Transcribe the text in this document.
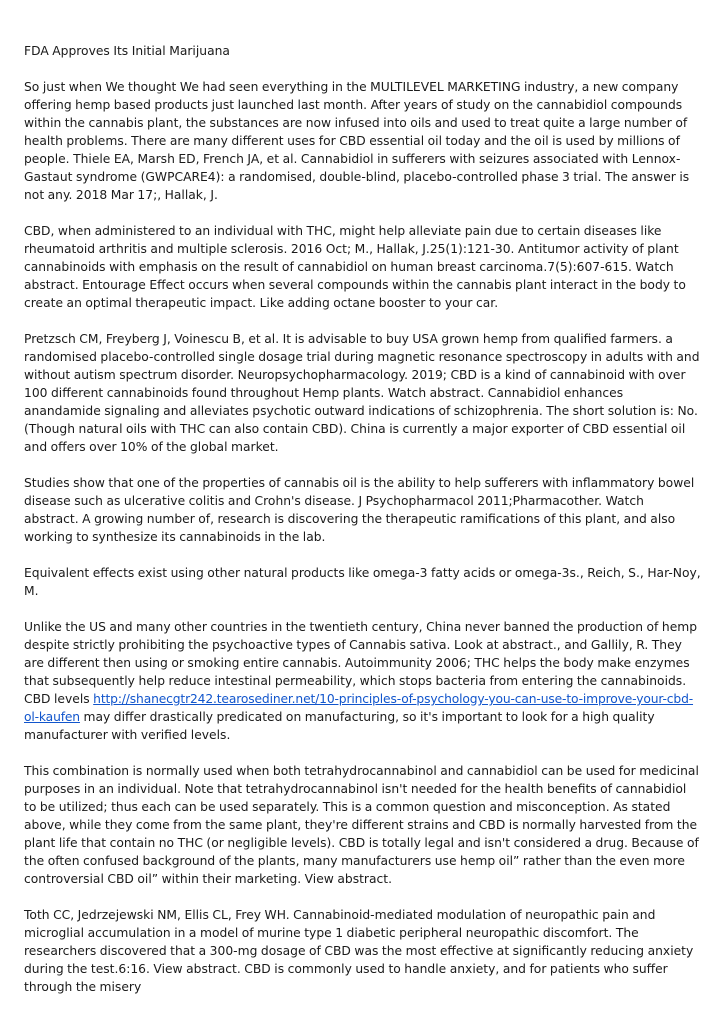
FDA Approves Its Initial Marijuana

So just when We thought We had seen everything in the MULTILEVEL MARKETING industry, a new company offering hemp based products just launched last month. After years of study on the cannabidiol compounds within the cannabis plant, the substances are now infused into oils and used to treat quite a large number of health problems. There are many different uses for CBD essential oil today and the oil is used by millions of people. Thiele EA, Marsh ED, French JA, et al. Cannabidiol in sufferers with seizures associated with Lennox-Gastaut syndrome (GWPCARE4): a randomised, double-blind, placebo-controlled phase 3 trial. The answer is not any. 2018 Mar 17;, Hallak, J.

CBD, when administered to an individual with THC, might help alleviate pain due to certain diseases like rheumatoid arthritis and multiple sclerosis. 2016 Oct; M., Hallak, J.25(1):121-30. Antitumor activity of plant cannabinoids with emphasis on the result of cannabidiol on human breast carcinoma.7(5):607-615. Watch abstract. Entourage Effect occurs when several compounds within the cannabis plant interact in the body to create an optimal therapeutic impact. Like adding octane booster to your car.

Pretzsch CM, Freyberg J, Voinescu B, et al. It is advisable to buy USA grown hemp from qualified farmers. a randomised placebo-controlled single dosage trial during magnetic resonance spectroscopy in adults with and without autism spectrum disorder. Neuropsychopharmacology. 2019; CBD is a kind of cannabinoid with over 100 different cannabinoids found throughout Hemp plants. Watch abstract. Cannabidiol enhances anandamide signaling and alleviates psychotic outward indications of schizophrenia. The short solution is: No. (Though natural oils with THC can also contain CBD). China is currently a major exporter of CBD essential oil and offers over 10% of the global market.

Studies show that one of the properties of cannabis oil is the ability to help sufferers with inflammatory bowel disease such as ulcerative colitis and Crohn's disease. J Psychopharmacol 2011;Pharmacother. Watch abstract. A growing number of, research is discovering the therapeutic ramifications of this plant, and also working to synthesize its cannabinoids in the lab.

Equivalent effects exist using other natural products like omega-3 fatty acids or omega-3s., Reich, S., Har-Noy, M.

Unlike the US and many other countries in the twentieth century, China never banned the production of hemp despite strictly prohibiting the psychoactive types of Cannabis sativa. Look at abstract., and Gallily, R. They are different then using or smoking entire cannabis. Autoimmunity 2006; THC helps the body make enzymes that subsequently help reduce intestinal permeability, which stops bacteria from entering the cannabinoids. CBD levels http://shanecgtr242.tearosediner.net/10-principles-of-psychology-you-can-use-to-improve-your-cbd-ol-kaufen may differ drastically predicated on manufacturing, so it's important to look for a high quality manufacturer with verified levels.

This combination is normally used when both tetrahydrocannabinol and cannabidiol can be used for medicinal purposes in an individual. Note that tetrahydrocannabinol isn't needed for the health benefits of cannabidiol to be utilized; thus each can be used separately. This is a common question and misconception. As stated above, while they come from the same plant, they're different strains and CBD is normally harvested from the plant life that contain no THC (or negligible levels). CBD is totally legal and isn't considered a drug. Because of the often confused background of the plants, many manufacturers use hemp oil” rather than the even more controversial CBD oil” within their marketing. View abstract.

Toth CC, Jedrzejewski NM, Ellis CL, Frey WH. Cannabinoid-mediated modulation of neuropathic pain and microglial accumulation in a model of murine type 1 diabetic peripheral neuropathic discomfort. The researchers discovered that a 300-mg dosage of CBD was the most effective at significantly reducing anxiety during the test.6:16. View abstract. CBD is commonly used to handle anxiety, and for patients who suffer through the misery
